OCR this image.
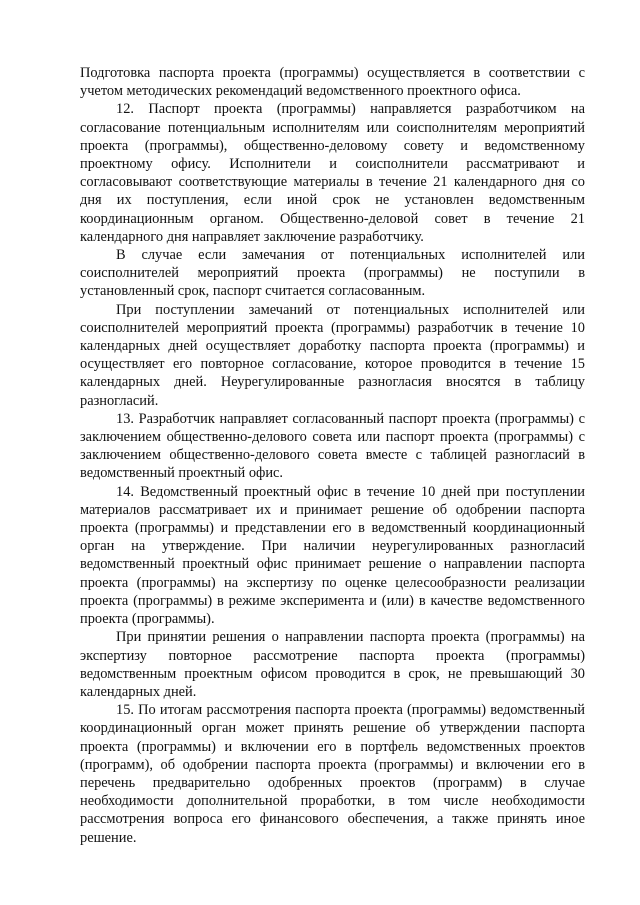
Подготовка паспорта проекта (программы) осуществляется в соответствии с учетом методических рекомендаций ведомственного проектного офиса.

12. Паспорт проекта (программы) направляется разработчиком на согласование потенциальным исполнителям или соисполнителям мероприятий проекта (программы), общественно-деловому совету и ведомственному проектному офису. Исполнители и соисполнители рассматривают и согласовывают соответствующие материалы в течение 21 календарного дня со дня их поступления, если иной срок не установлен ведомственным координационным органом. Общественно-деловой совет в течение 21 календарного дня направляет заключение разработчику.

В случае если замечания от потенциальных исполнителей или соисполнителей мероприятий проекта (программы) не поступили в установленный срок, паспорт считается согласованным.

При поступлении замечаний от потенциальных исполнителей или соисполнителей мероприятий проекта (программы) разработчик в течение 10 календарных дней осуществляет доработку паспорта проекта (программы) и осуществляет его повторное согласование, которое проводится в течение 15 календарных дней. Неурегулированные разногласия вносятся в таблицу разногласий.

13. Разработчик направляет согласованный паспорт проекта (программы) с заключением общественно-делового совета или паспорт проекта (программы) с заключением общественно-делового совета вместе с таблицей разногласий в ведомственный проектный офис.

14. Ведомственный проектный офис в течение 10 дней при поступлении материалов рассматривает их и принимает решение об одобрении паспорта проекта (программы) и представлении его в ведомственный координационный орган на утверждение. При наличии неурегулированных разногласий ведомственный проектный офис принимает решение о направлении паспорта проекта (программы) на экспертизу по оценке целесообразности реализации проекта (программы) в режиме эксперимента и (или) в качестве ведомственного проекта (программы).

При принятии решения о направлении паспорта проекта (программы) на экспертизу повторное рассмотрение паспорта проекта (программы) ведомственным проектным офисом проводится в срок, не превышающий 30 календарных дней.

15. По итогам рассмотрения паспорта проекта (программы) ведомственный координационный орган может принять решение об утверждении паспорта проекта (программы) и включении его в портфель ведомственных проектов (программ), об одобрении паспорта проекта (программы) и включении его в перечень предварительно одобренных проектов (программ) в случае необходимости дополнительной проработки, в том числе необходимости рассмотрения вопроса его финансового обеспечения, а также принять иное решение.
